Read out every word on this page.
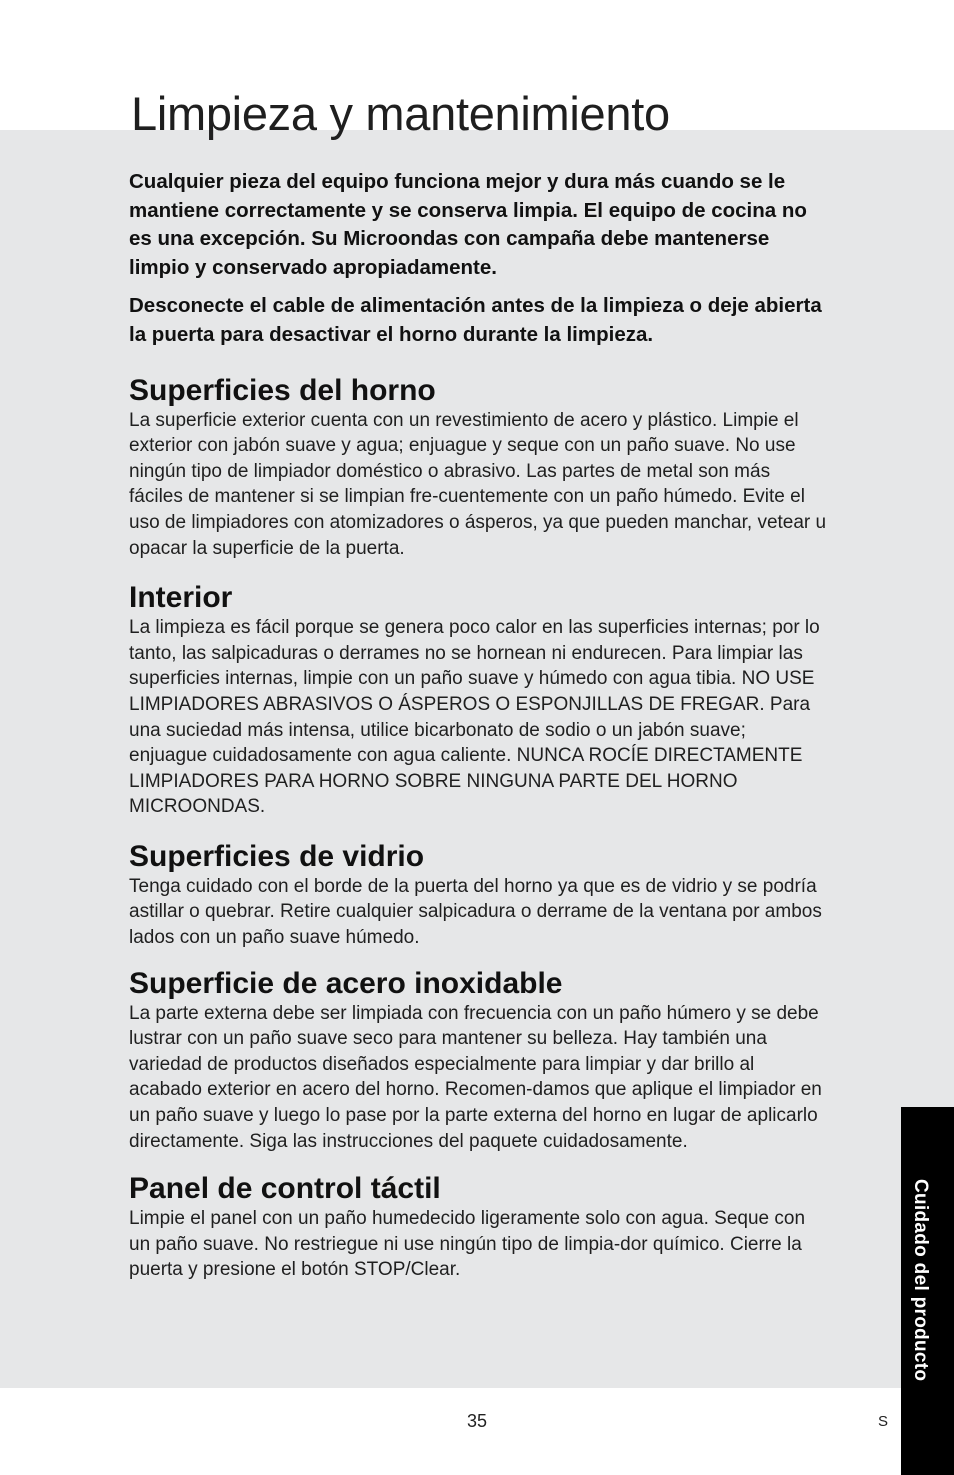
Limpieza y mantenimiento

Cualquier pieza del equipo funciona mejor y dura más cuando se le mantiene correctamente y se conserva limpia. El equipo de cocina no es una excepción. Su Microondas con campaña debe mantenerse limpio y conservado apropiadamente.

Desconecte el cable de alimentación antes de la limpieza o deje abierta la puerta para desactivar el horno durante la limpieza.

Superficies del horno

La superficie exterior cuenta con un revestimiento de acero y plástico. Limpie el exterior con jabón suave y agua; enjuague y seque con un paño suave. No use ningún tipo de limpiador doméstico o abrasivo. Las partes de metal son más fáciles de mantener si se limpian fre-cuentemente con un paño húmedo. Evite el uso de limpiadores con atomizadores o ásperos, ya que pueden manchar, vetear u opacar la superficie de la puerta.

Interior

La limpieza es fácil porque se genera poco calor en las superficies internas; por lo tanto, las salpicaduras o derrames no se hornean ni endurecen. Para limpiar las superficies internas, limpie con un paño suave y húmedo con agua tibia. NO USE LIMPIADORES ABRASIVOS O ÁSPEROS O ESPONJILLAS DE FREGAR. Para una suciedad más intensa, utilice bicarbonato de sodio o un jabón suave; enjuague cuidadosamente con agua caliente. NUNCA ROCÍE DIRECTAMENTE LIMPIADORES PARA HORNO SOBRE NINGUNA PARTE DEL HORNO MICROONDAS.

Superficies de vidrio

Tenga cuidado con el borde de la puerta del horno ya que es de vidrio y se podría astillar o quebrar. Retire cualquier salpicadura o derrame de la ventana por ambos lados con un paño suave húmedo.

Superficie de acero inoxidable

La parte externa debe ser limpiada con frecuencia con un paño húmero y se debe lustrar con un paño suave seco para mantener su belleza. Hay también una variedad de productos diseñados especialmente para limpiar y dar brillo al acabado exterior en acero del horno. Recomen-damos que aplique el limpiador en un paño suave y luego lo pase por la parte externa del horno en lugar de aplicarlo directamente. Siga las instrucciones del paquete cuidadosamente.

Panel de control táctil

Limpie el panel con un paño humedecido ligeramente solo con agua. Seque con un paño suave. No restriegue ni use ningún tipo de limpia-dor químico. Cierre la puerta y presione el botón STOP/Clear.	Cuidado del producto
35	S
